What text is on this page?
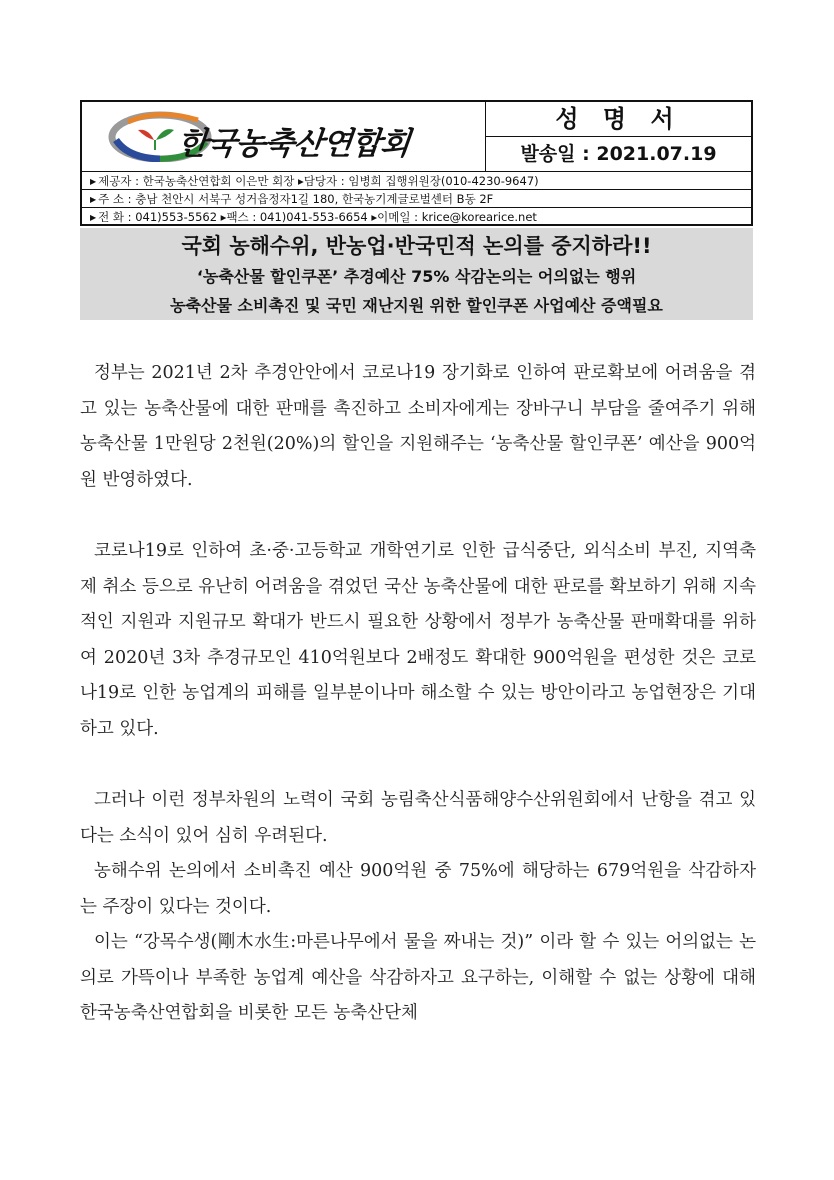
한국농축산연합회
성 명 서
발송일 : 2021.07.19
▶ 제공자 : 한국농축산연합회 이은만 회장 ▸담당자 : 임병희 집행위원장(010-4230-9647)
▶ 주 소 : 충남 천안시 서북구 성거읍정자1길 180, 한국농기계글로벌센터 B동 2F
▶ 전 화 : 041)553-5562 ▸팩스 : 041)041-553-6654 ▸이메일 : krice@korearice.net
국회 농해수위, 반농업·반국민적 논의를 중지하라!!
‘농축산물 할인쿠폰’ 추경예산 75% 삭감논의는 어의없는 행위
농축산물 소비촉진 및 국민 재난지원 위한 할인쿠폰 사업예산 증액필요

정부는 2021년 2차 추경안안에서 코로나19 장기화로 인하여 판로확보에 어려움을 겪고 있는 농축산물에 대한 판매를 촉진하고 소비자에게는 장바구니 부담을 줄여주기 위해 농축산물 1만원당 2천원(20%)의 할인을 지원해주는 ‘농축산물 할인쿠폰’ 예산을 900억원 반영하였다.

코로나19로 인하여 초·중·고등학교 개학연기로 인한 급식중단, 외식소비 부진, 지역축제 취소 등으로 유난히 어려움을 겪었던 국산 농축산물에 대한 판로를 확보하기 위해 지속적인 지원과 지원규모 확대가 반드시 필요한 상황에서 정부가 농축산물 판매확대를 위하여 2020년 3차 추경규모인 410억원보다 2배정도 확대한 900억원을 편성한 것은 코로나19로 인한 농업계의 피해를 일부분이나마 해소할 수 있는 방안이라고 농업현장은 기대하고 있다.

그러나 이런 정부차원의 노력이 국회 농림축산식품해양수산위원회에서 난항을 겪고 있다는 소식이 있어 심히 우려된다.

농해수위 논의에서 소비촉진 예산 900억원 중 75%에 해당하는 679억원을 삭감하자는 주장이 있다는 것이다.

이는 “강목수생(剛木水生:마른나무에서 물을 짜내는 것)” 이라 할 수 있는 어의없는 논의로 가뜩이나 부족한 농업계 예산을 삭감하자고 요구하는, 이해할 수 없는 상황에 대해 한국농축산연합회을 비롯한 모든 농축산단체
